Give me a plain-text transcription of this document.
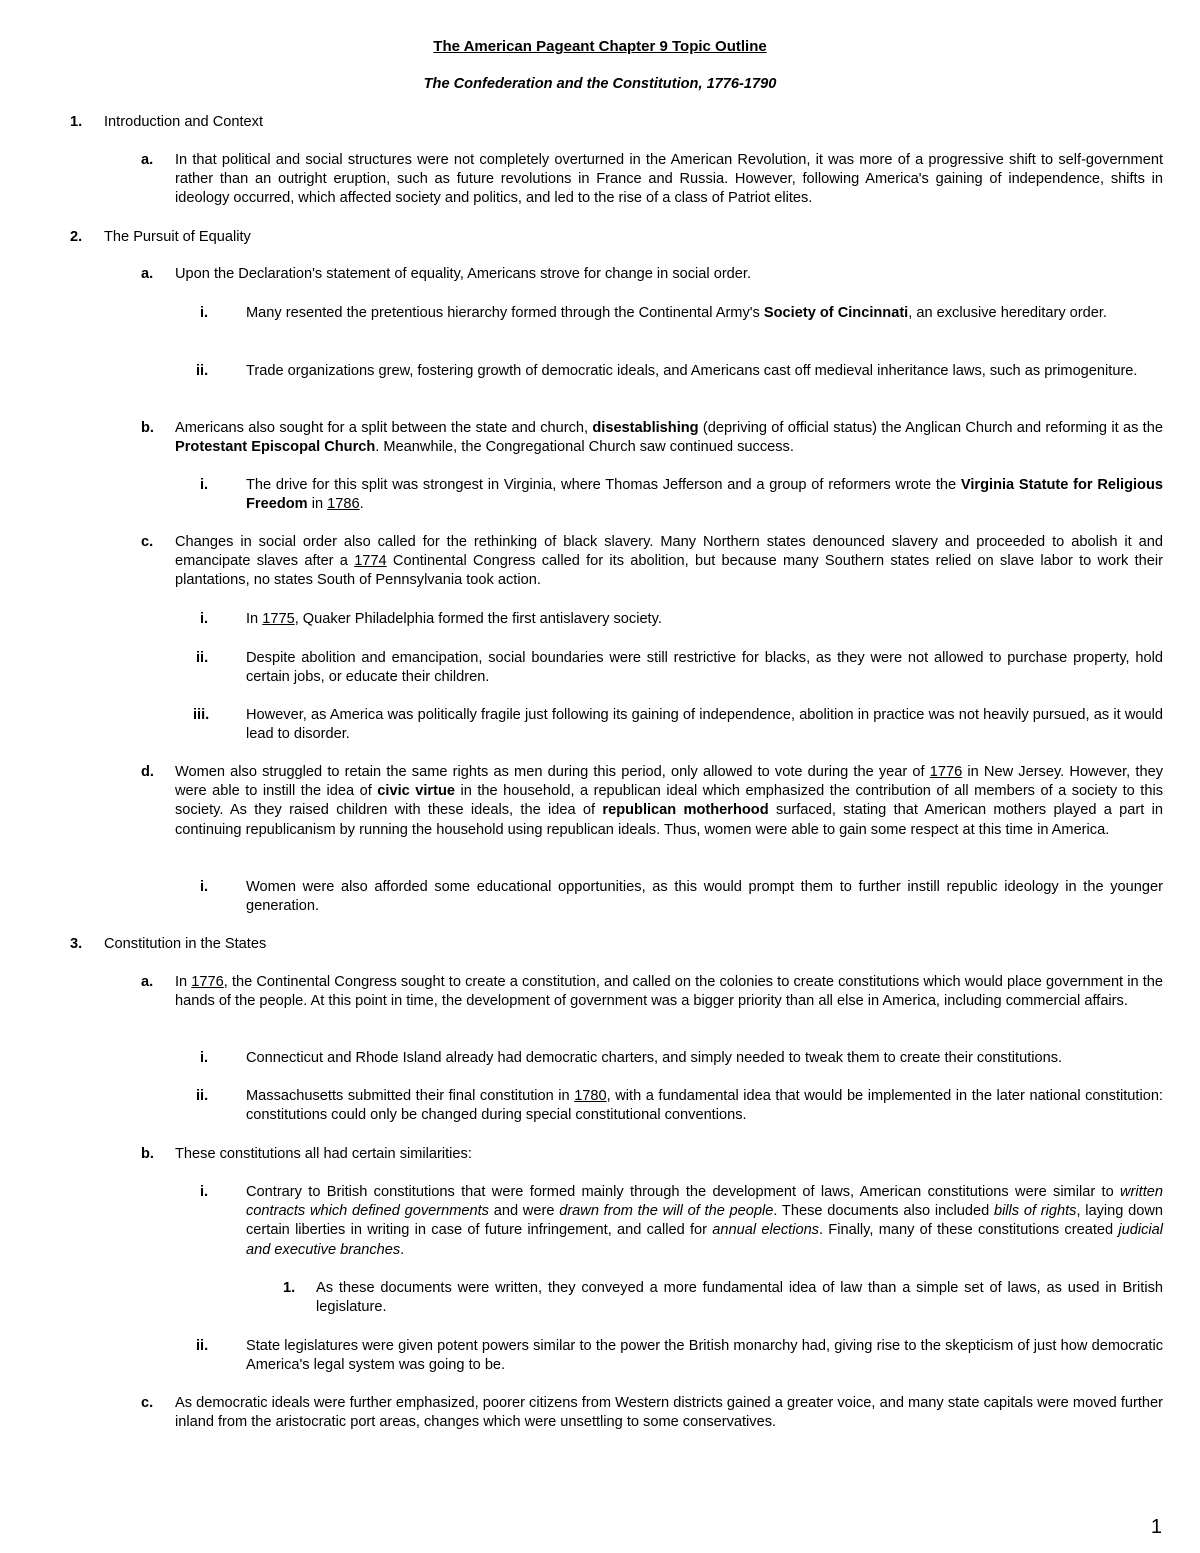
The American Pageant Chapter 9 Topic Outline
The Confederation and the Constitution, 1776-1790
1. Introduction and Context
a. In that political and social structures were not completely overturned in the American Revolution, it was more of a progressive shift to self-government rather than an outright eruption, such as future revolutions in France and Russia. However, following America's gaining of independence, shifts in ideology occurred, which affected society and politics, and led to the rise of a class of Patriot elites.
2. The Pursuit of Equality
a. Upon the Declaration's statement of equality, Americans strove for change in social order.
i.	Many resented the pretentious hierarchy formed through the Continental Army's Society of Cincinnati, an exclusive hereditary order.
ii.	Trade organizations grew, fostering growth of democratic ideals, and Americans cast off medieval inheritance laws, such as primogeniture.
b. Americans also sought for a split between the state and church, disestablishing (depriving of official status) the Anglican Church and reforming it as the Protestant Episcopal Church. Meanwhile, the Congregational Church saw continued success.
i.	The drive for this split was strongest in Virginia, where Thomas Jefferson and a group of reformers wrote the Virginia Statute for Religious Freedom in 1786.
c. Changes in social order also called for the rethinking of black slavery. Many Northern states denounced slavery and proceeded to abolish it and emancipate slaves after a 1774 Continental Congress called for its abolition, but because many Southern states relied on slave labor to work their plantations, no states South of Pennsylvania took action.
i.	In 1775, Quaker Philadelphia formed the first antislavery society.
ii.	Despite abolition and emancipation, social boundaries were still restrictive for blacks, as they were not allowed to purchase property, hold certain jobs, or educate their children.
iii.	However, as America was politically fragile just following its gaining of independence, abolition in practice was not heavily pursued, as it would lead to disorder.
d. Women also struggled to retain the same rights as men during this period, only allowed to vote during the year of 1776 in New Jersey. However, they were able to instill the idea of civic virtue in the household, a republican ideal which emphasized the contribution of all members of a society to this society. As they raised children with these ideals, the idea of republican motherhood surfaced, stating that American mothers played a part in continuing republicanism by running the household using republican ideals. Thus, women were able to gain some respect at this time in America.
i.	Women were also afforded some educational opportunities, as this would prompt them to further instill republic ideology in the younger generation.
3. Constitution in the States
a. In 1776, the Continental Congress sought to create a constitution, and called on the colonies to create constitutions which would place government in the hands of the people. At this point in time, the development of government was a bigger priority than all else in America, including commercial affairs.
i.	Connecticut and Rhode Island already had democratic charters, and simply needed to tweak them to create their constitutions.
ii.	Massachusetts submitted their final constitution in 1780, with a fundamental idea that would be implemented in the later national constitution: constitutions could only be changed during special constitutional conventions.
b. These constitutions all had certain similarities:
i.	Contrary to British constitutions that were formed mainly through the development of laws, American constitutions were similar to written contracts which defined governments and were drawn from the will of the people. These documents also included bills of rights, laying down certain liberties in writing in case of future infringement, and called for annual elections. Finally, many of these constitutions created judicial and executive branches.
1. As these documents were written, they conveyed a more fundamental idea of law than a simple set of laws, as used in British legislature.
ii.	State legislatures were given potent powers similar to the power the British monarchy had, giving rise to the skepticism of just how democratic America's legal system was going to be.
c. As democratic ideals were further emphasized, poorer citizens from Western districts gained a greater voice, and many state capitals were moved further inland from the aristocratic port areas, changes which were unsettling to some conservatives.
1
